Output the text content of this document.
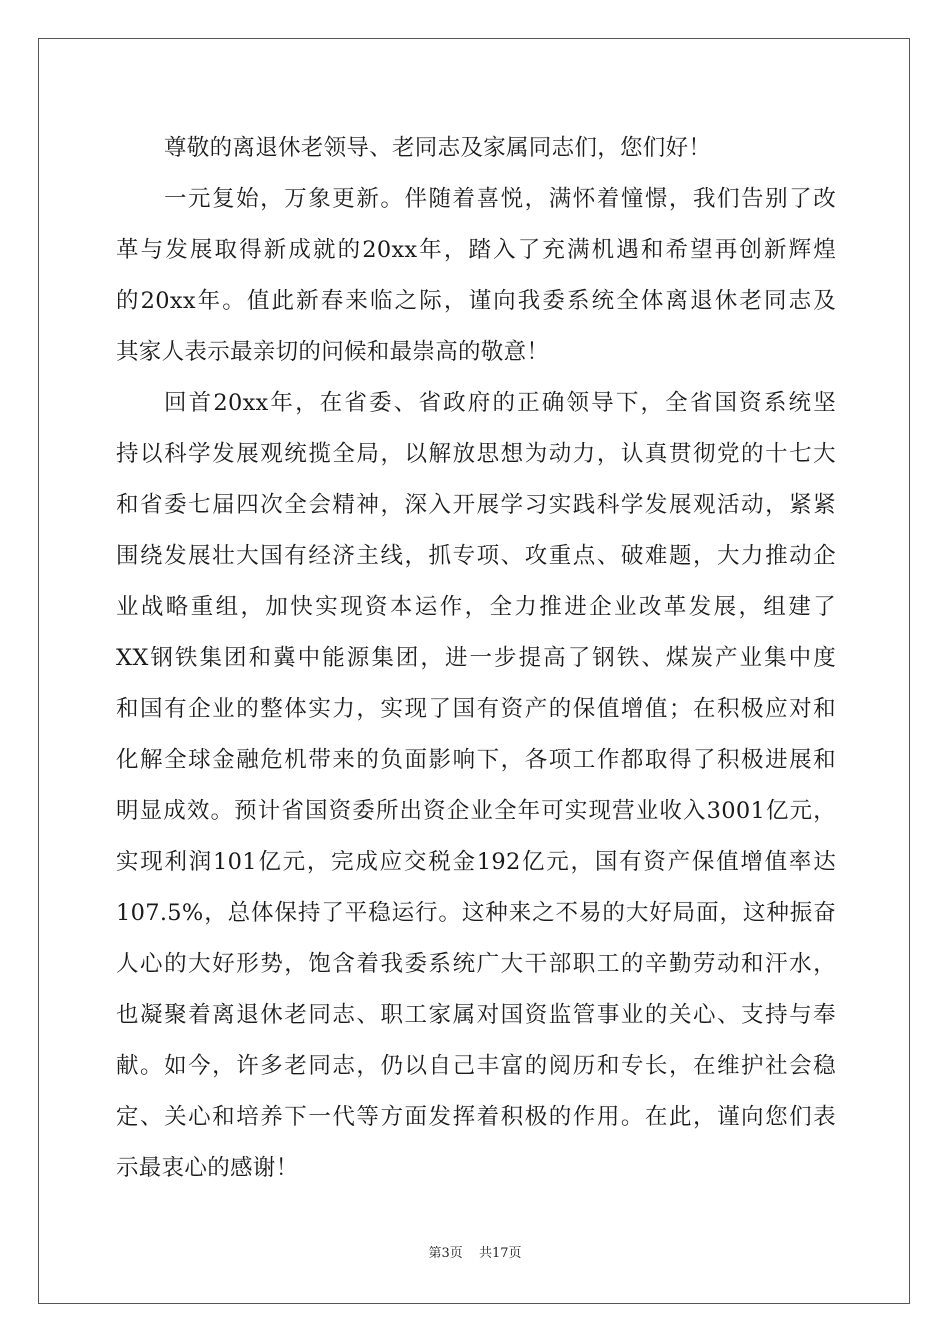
尊敬的离退休老领导、老同志及家属同志们，您们好！
一元复始，万象更新。伴随着喜悦，满怀着憧憬，我们告别了改
革与发展取得新成就的20xx年，踏入了充满机遇和希望再创新辉煌
的20xx年。值此新春来临之际，谨向我委系统全体离退休老同志及
其家人表示最亲切的问候和最崇高的敬意！
回首20xx年，在省委、省政府的正确领导下，全省国资系统坚
持以科学发展观统揽全局，以解放思想为动力，认真贯彻党的十七大
和省委七届四次全会精神，深入开展学习实践科学发展观活动，紧紧
围绕发展壮大国有经济主线，抓专项、攻重点、破难题，大力推动企
业战略重组，加快实现资本运作，全力推进企业改革发展，组建了
XX钢铁集团和冀中能源集团，进一步提高了钢铁、煤炭产业集中度
和国有企业的整体实力，实现了国有资产的保值增值；在积极应对和
化解全球金融危机带来的负面影响下，各项工作都取得了积极进展和
明显成效。预计省国资委所出资企业全年可实现营业收入3001亿元，
实现利润101亿元，完成应交税金192亿元，国有资产保值增值率达
107.5%，总体保持了平稳运行。这种来之不易的大好局面，这种振奋
人心的大好形势，饱含着我委系统广大干部职工的辛勤劳动和汗水，
也凝聚着离退休老同志、职工家属对国资监管事业的关心、支持与奉
献。如今，许多老同志，仍以自己丰富的阅历和专长，在维护社会稳
定、关心和培养下一代等方面发挥着积极的作用。在此，谨向您们表
示最衷心的感谢！
第3页 共17页
